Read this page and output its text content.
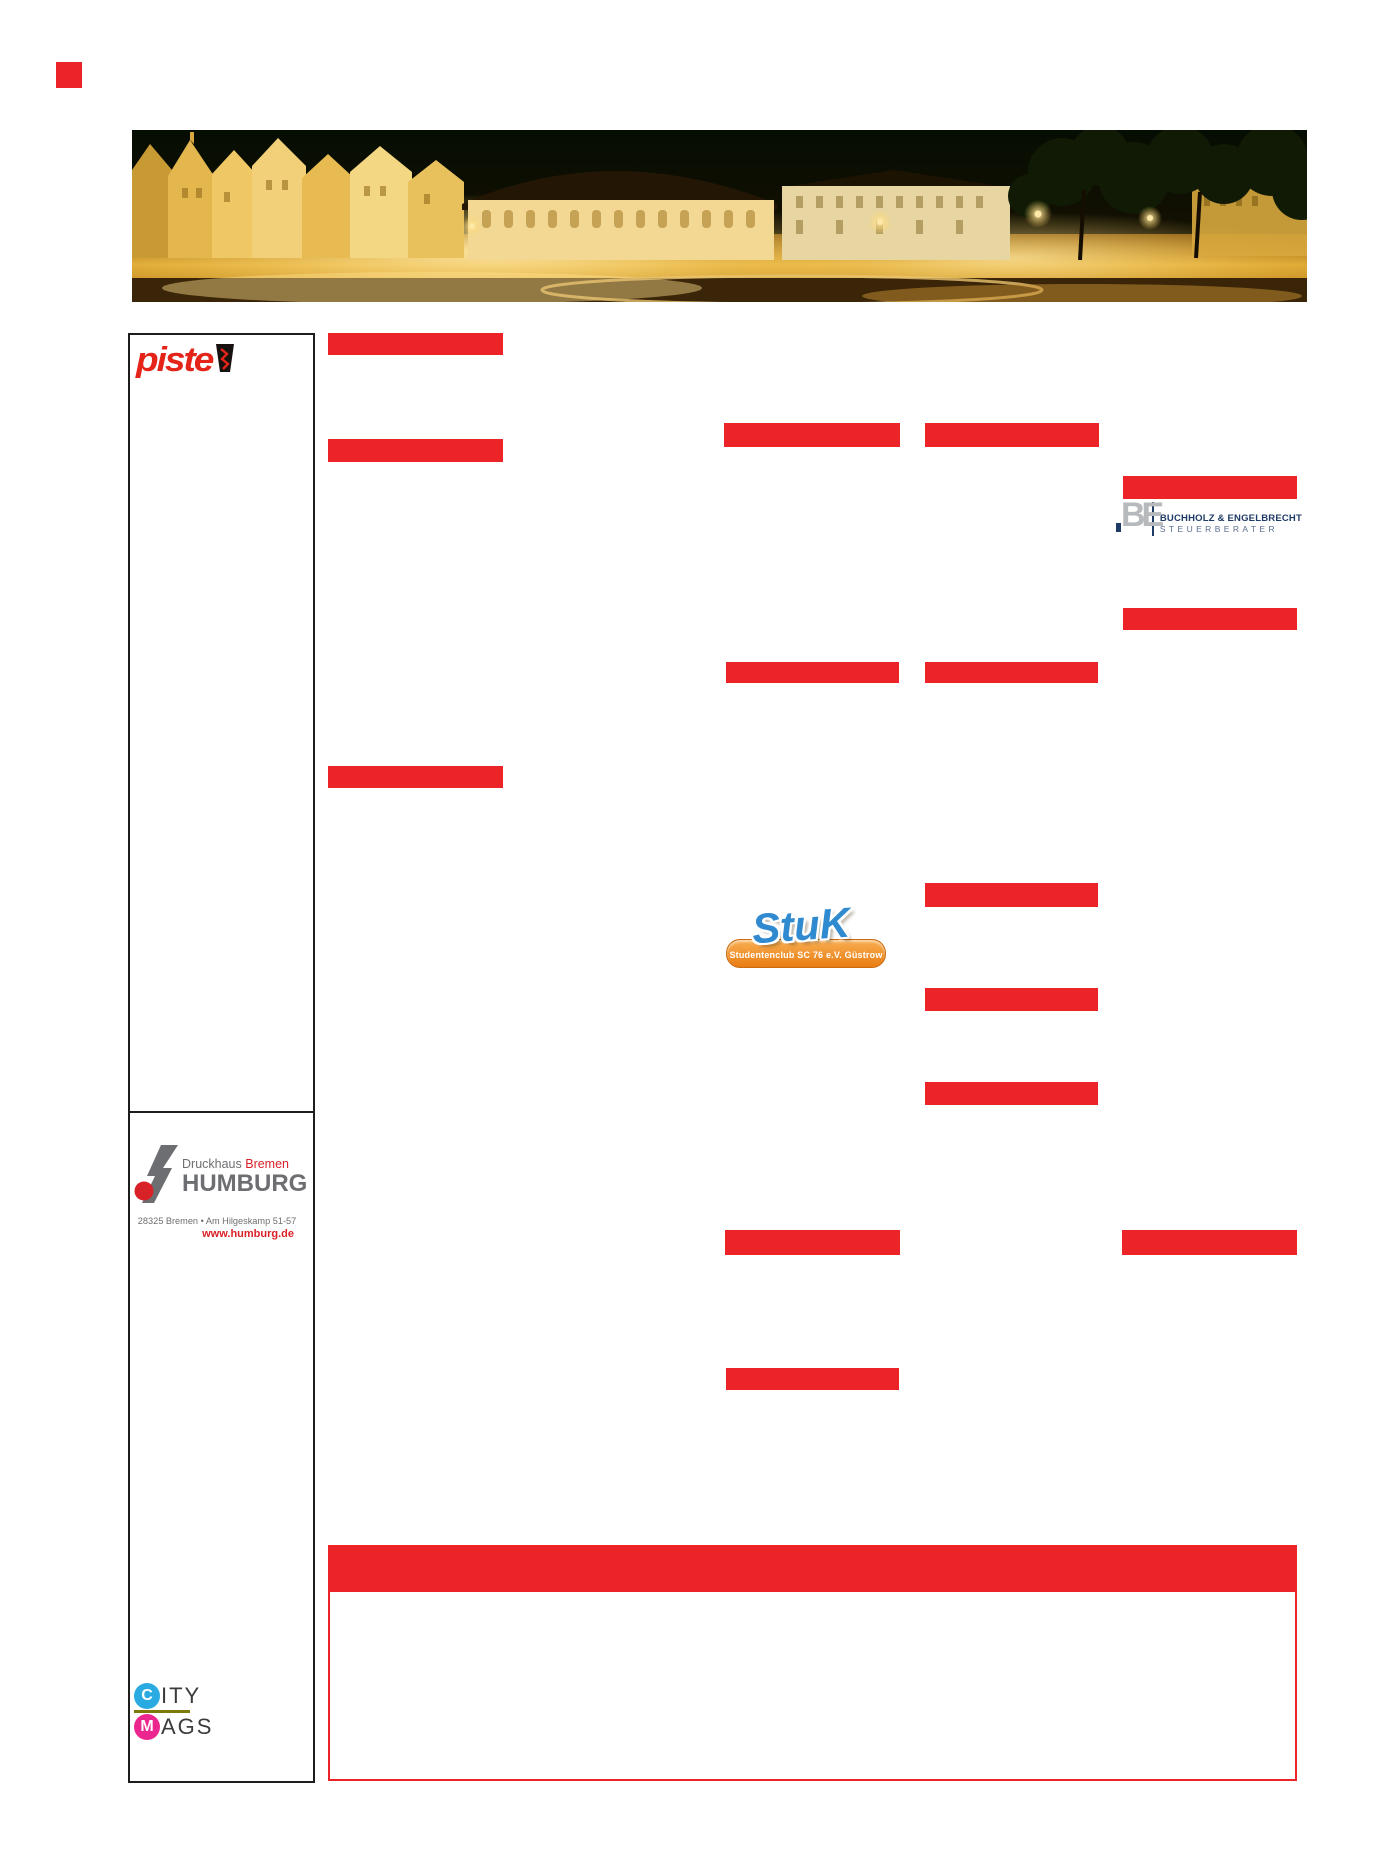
piste
Druckhaus Bremen
HUMBURG
28325 Bremen • Am Hilgeskamp 51-57
www.humburg.de
C ITY
M AGS
BE BUCHHOLZ & ENGELBRECHT
STEUERBERATER
Studentenclub SC 76 e.V. Güstrow
StuK
